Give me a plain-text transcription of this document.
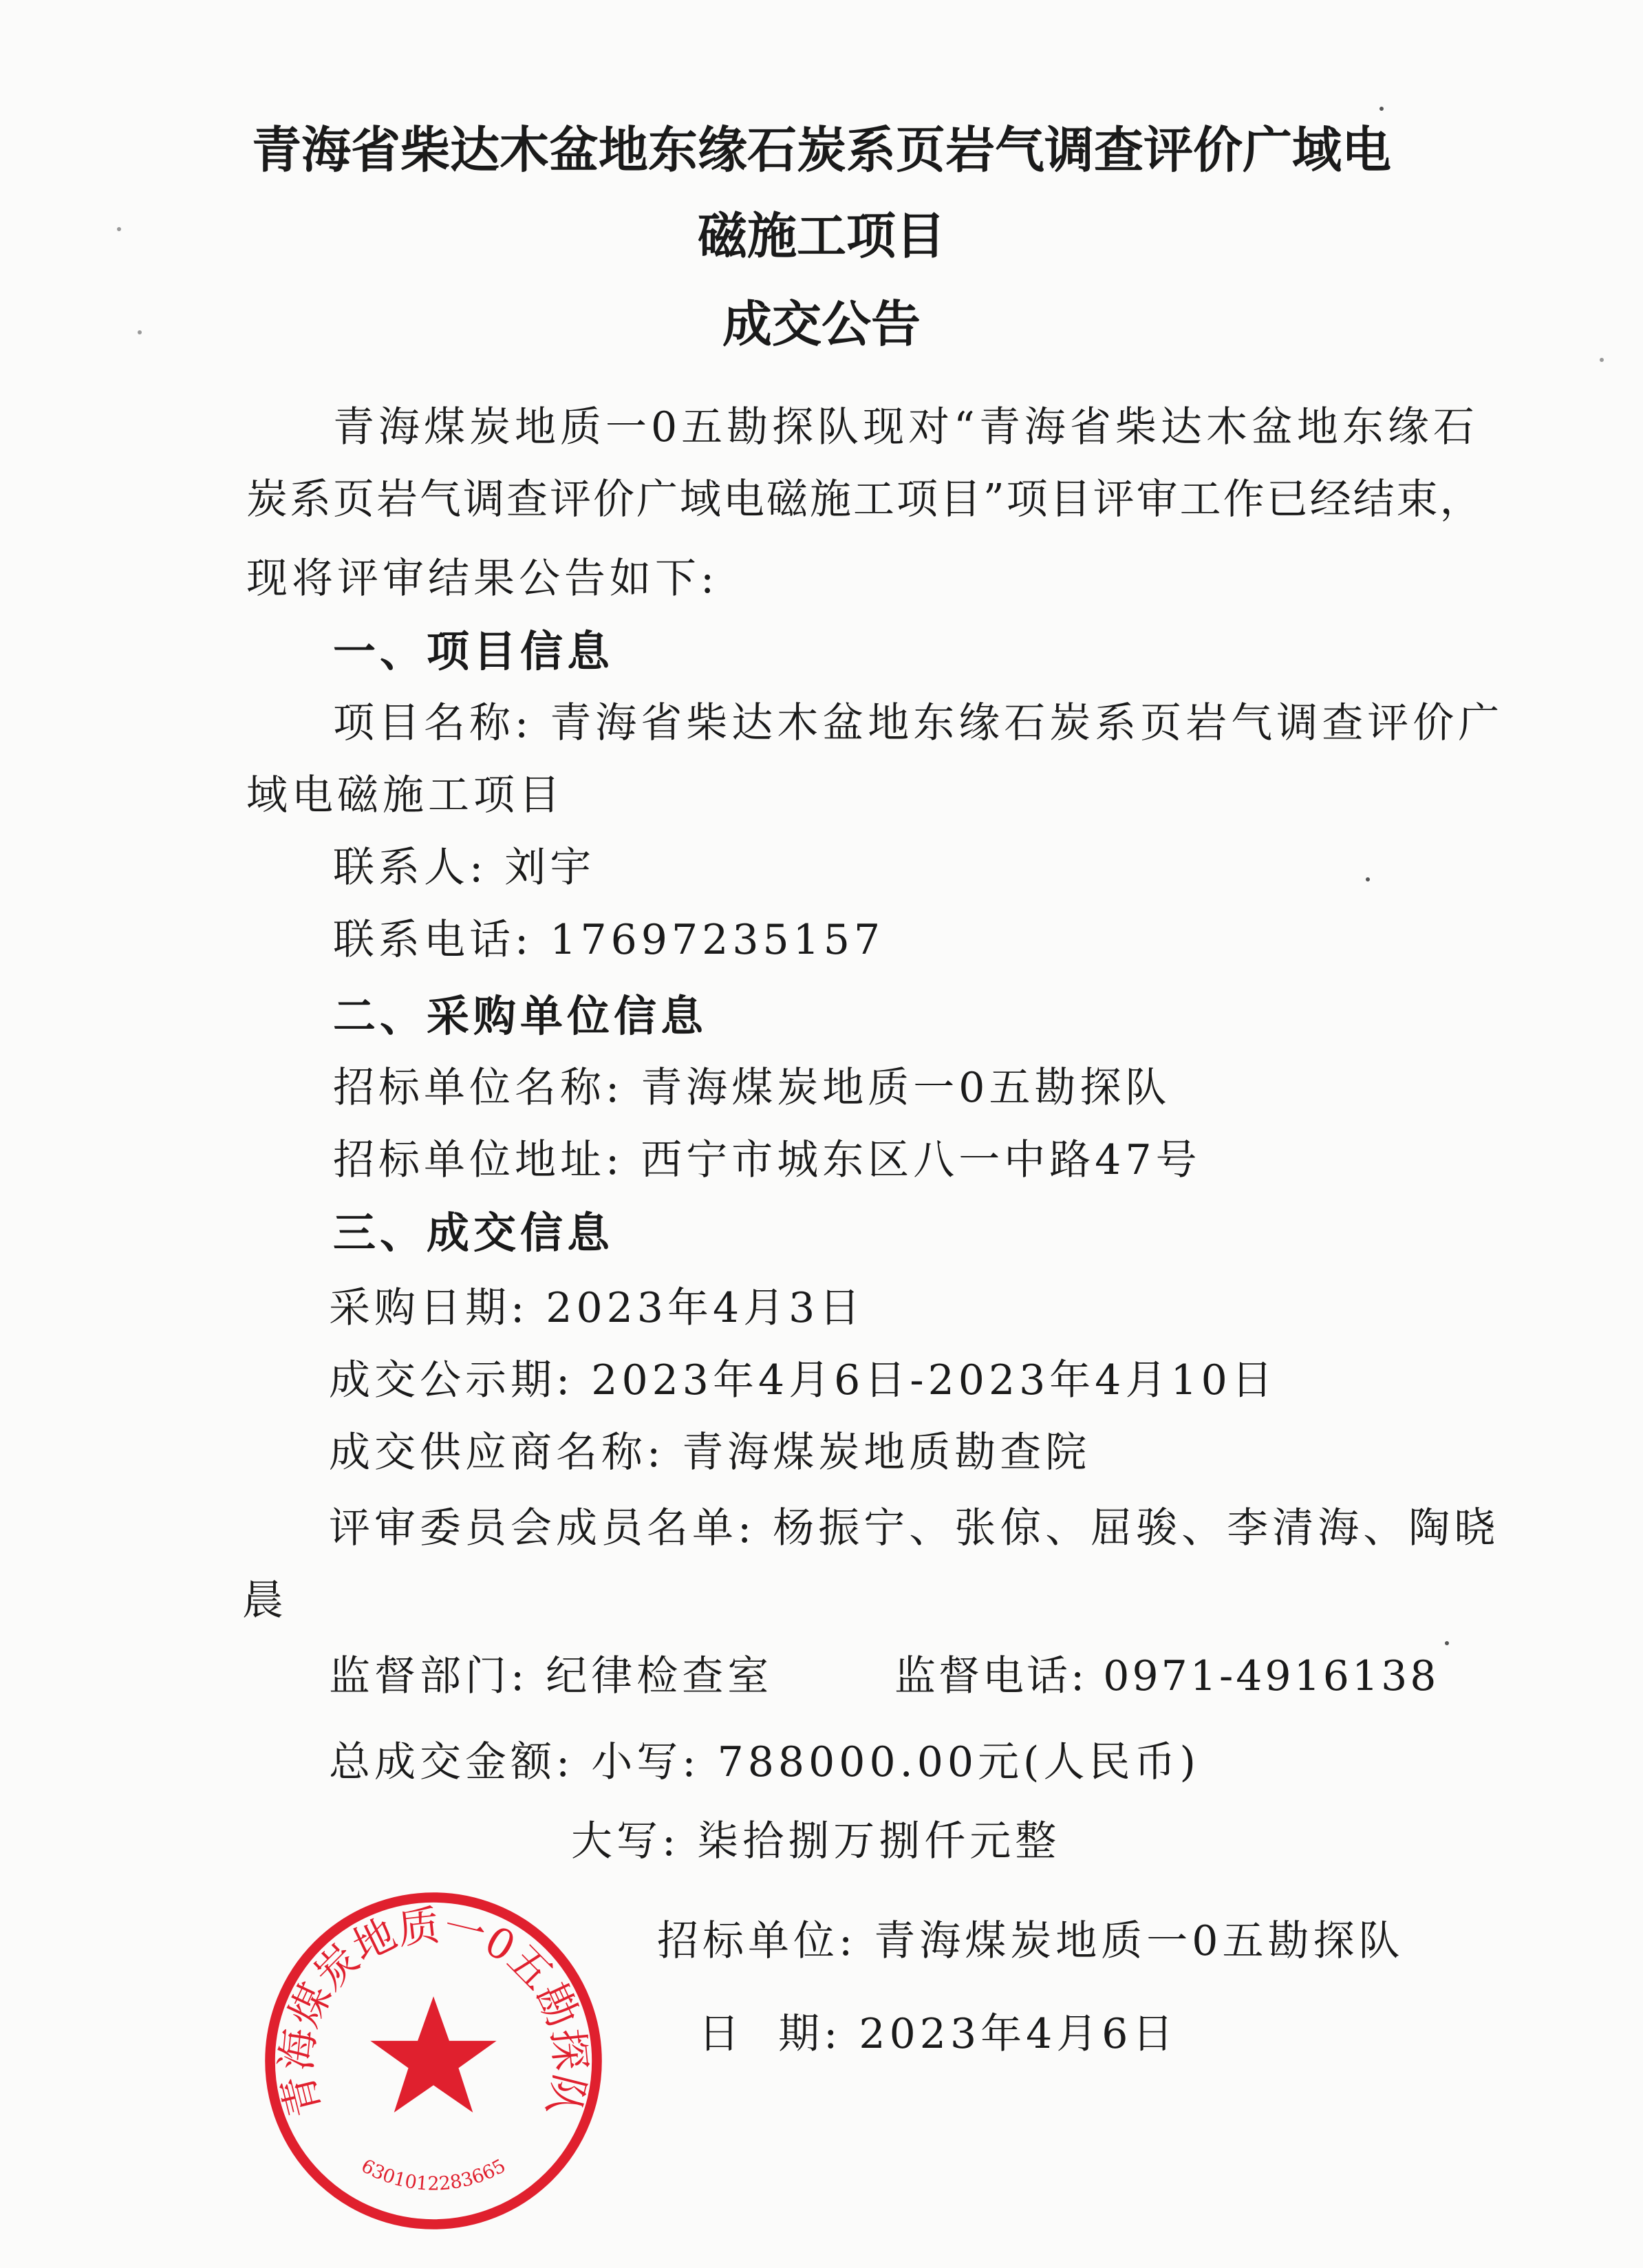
青海省柴达木盆地东缘石炭系页岩气调查评价广域电
磁施工项目
成交公告
青海煤炭地质一0五勘探队现对“青海省柴达木盆地东缘石
炭系页岩气调查评价广域电磁施工项目”项目评审工作已经结束，
现将评审结果公告如下:
一、项目信息
项目名称: 青海省柴达木盆地东缘石炭系页岩气调查评价广
域电磁施工项目
联系人: 刘宇
联系电话: 17697235157
二、采购单位信息
招标单位名称: 青海煤炭地质一0五勘探队
招标单位地址: 西宁市城东区八一中路47号
三、成交信息
采购日期: 2023年4月3日
成交公示期: 2023年4月6日-2023年4月10日
成交供应商名称: 青海煤炭地质勘查院
评审委员会成员名单: 杨振宁、张倞、屈骏、李清海、陶晓
晨
监督部门: 纪律检查室	监督电话: 0971-4916138
总成交金额: 小写: 788000.00元(人民币)
大写: 柒拾捌万捌仟元整
招标单位: 青海煤炭地质一0五勘探队
日  期: 2023年4月6日
青海煤炭地质一0五勘探队
6301012283665
